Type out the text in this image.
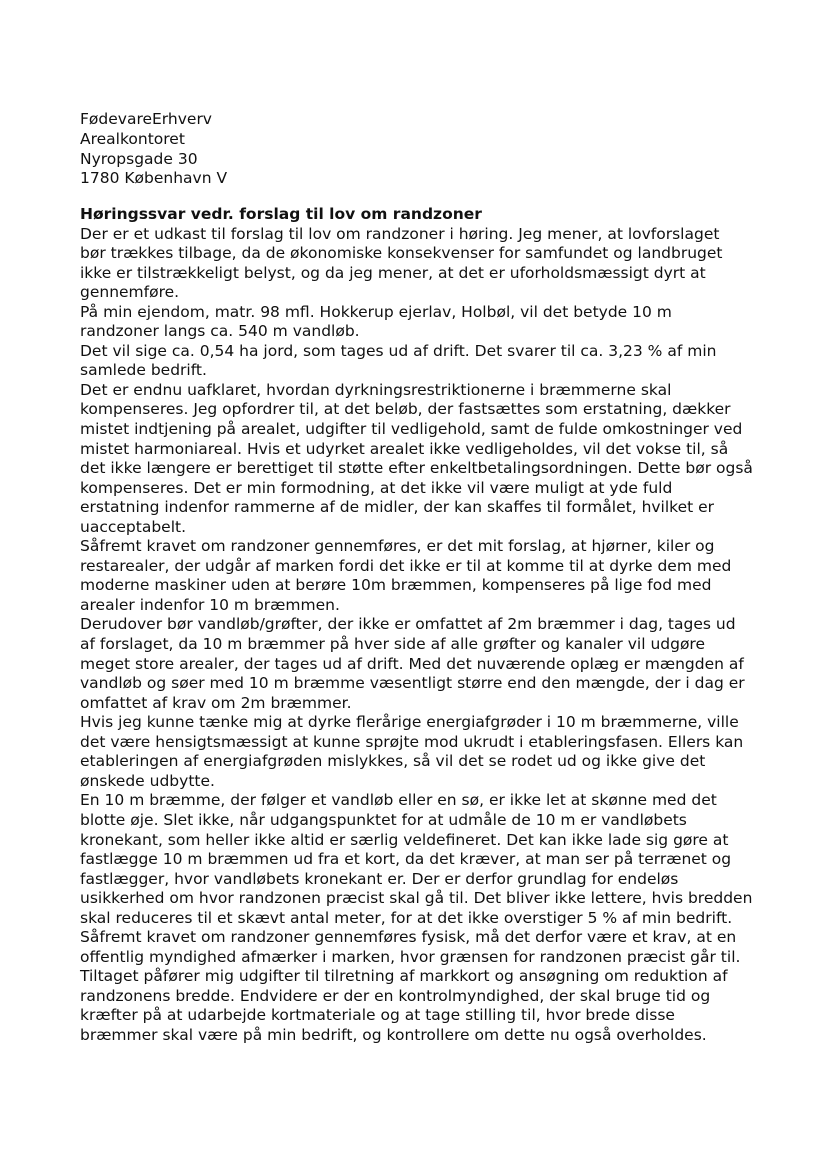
FødevareErhverv
Arealkontoret
Nyropsgade 30
1780 København V
Høringssvar vedr. forslag til lov om randzoner
Der er et udkast til forslag til lov om randzoner i høring. Jeg mener, at lovforslaget
bør trækkes tilbage, da de økonomiske konsekvenser for samfundet og landbruget
ikke er tilstrækkeligt belyst, og da jeg mener, at det er uforholdsmæssigt dyrt at
gennemføre.
På min ejendom, matr. 98 mfl. Hokkerup ejerlav, Holbøl, vil det betyde 10 m
randzoner langs ca. 540 m vandløb.
Det vil sige ca. 0,54 ha jord, som tages ud af drift. Det svarer til ca. 3,23 % af min
samlede bedrift.
Det er endnu uafklaret, hvordan dyrkningsrestriktionerne i bræmmerne skal
kompenseres. Jeg opfordrer til, at det beløb, der fastsættes som erstatning, dækker
mistet indtjening på arealet, udgifter til vedligehold, samt de fulde omkostninger ved
mistet harmoniareal. Hvis et udyrket arealet ikke vedligeholdes, vil det vokse til, så
det ikke længere er berettiget til støtte efter enkeltbetalingsordningen. Dette bør også
kompenseres. Det er min formodning, at det ikke vil være muligt at yde fuld
erstatning indenfor rammerne af de midler, der kan skaffes til formålet, hvilket er
uacceptabelt.
Såfremt kravet om randzoner gennemføres, er det mit forslag, at hjørner, kiler og
restarealer, der udgår af marken fordi det ikke er til at komme til at dyrke dem med
moderne maskiner uden at berøre 10m bræmmen, kompenseres på lige fod med
arealer indenfor 10 m bræmmen.
Derudover bør vandløb/grøfter, der ikke er omfattet af 2m bræmmer i dag, tages ud
af forslaget, da 10 m bræmmer på hver side af alle grøfter og kanaler vil udgøre
meget store arealer, der tages ud af drift. Med det nuværende oplæg er mængden af
vandløb og søer med 10 m bræmme væsentligt større end den mængde, der i dag er
omfattet af krav om 2m bræmmer.
Hvis jeg kunne tænke mig at dyrke flerårige energiafgrøder i 10 m bræmmerne, ville
det være hensigtsmæssigt at kunne sprøjte mod ukrudt i etableringsfasen. Ellers kan
etableringen af energiafgrøden mislykkes, så vil det se rodet ud og ikke give det
ønskede udbytte.
En 10 m bræmme, der følger et vandløb eller en sø, er ikke let at skønne med det
blotte øje. Slet ikke, når udgangspunktet for at udmåle de 10 m er vandløbets
kronekant, som heller ikke altid er særlig veldefineret. Det kan ikke lade sig gøre at
fastlægge 10 m bræmmen ud fra et kort, da det kræver, at man ser på terrænet og
fastlægger, hvor vandløbets kronekant er. Der er derfor grundlag for endeløs
usikkerhed om hvor randzonen præcist skal gå til. Det bliver ikke lettere, hvis bredden
skal reduceres til et skævt antal meter, for at det ikke overstiger 5 % af min bedrift.
Såfremt kravet om randzoner gennemføres fysisk, må det derfor være et krav, at en
offentlig myndighed afmærker i marken, hvor grænsen for randzonen præcist går til.
Tiltaget påfører mig udgifter til tilretning af markkort og ansøgning om reduktion af
randzonens bredde. Endvidere er der en kontrolmyndighed, der skal bruge tid og
kræfter på at udarbejde kortmateriale og at tage stilling til, hvor brede disse
bræmmer skal være på min bedrift, og kontrollere om dette nu også overholdes.
